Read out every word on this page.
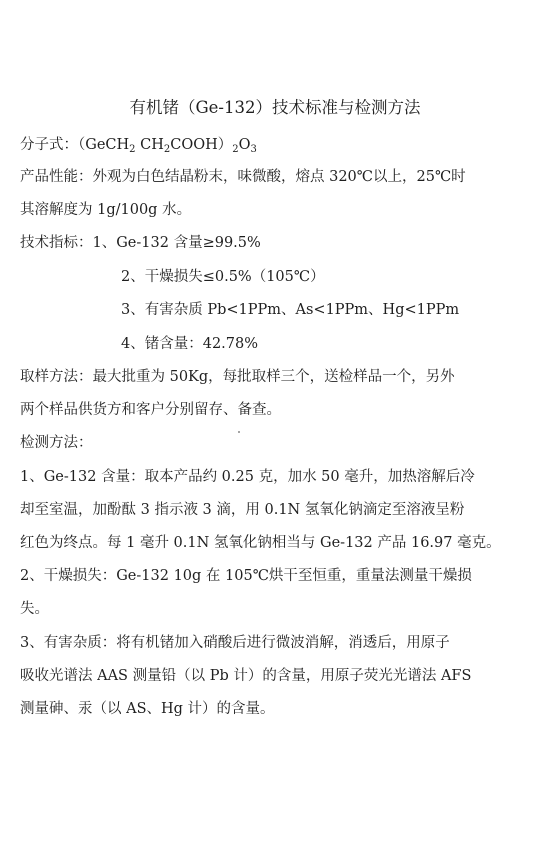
有机锗（Ge-132）技术标准与检测方法
分子式：（GeCH$_2$ $CH_2COOH)_2O_3$
产品性能：外观为白色结晶粉末，味微酸，熔点 320℃以上，25℃时
其溶解度为 1g/100g 水。
技术指标：1、Ge-132 含量≥99.5%
2、干燥损失≤0.5%（105℃）
3、有害杂质 Pb<1PPm、As<1PPm、Hg<1PPm
4、锗含量：42.78%
取样方法：最大批重为 50Kg，每批取样三个，送检样品一个，另外
两个样品供货方和客户分别留存、备查。
检测方法：
1、Ge-132 含量：取本产品约 0.25 克，加水 50 毫升，加热溶解后冷
却至室温，加酚酞 3 指示液 3 滴，用 0.1N 氢氧化钠滴定至溶液呈粉
红色为终点。每 1 毫升 0.1N 氢氧化钠相当与 Ge-132 产品 16.97 毫克。
2、干燥损失：Ge-132 10g 在 105℃烘干至恒重，重量法测量干燥损
失。
3、有害杂质：将有机锗加入硝酸后进行微波消解，消透后，用原子
吸收光谱法 AAS 测量铅（以 Pb 计）的含量，用原子荧光光谱法 AFS
测量砷、汞（以 AS、Hg 计）的含量。
